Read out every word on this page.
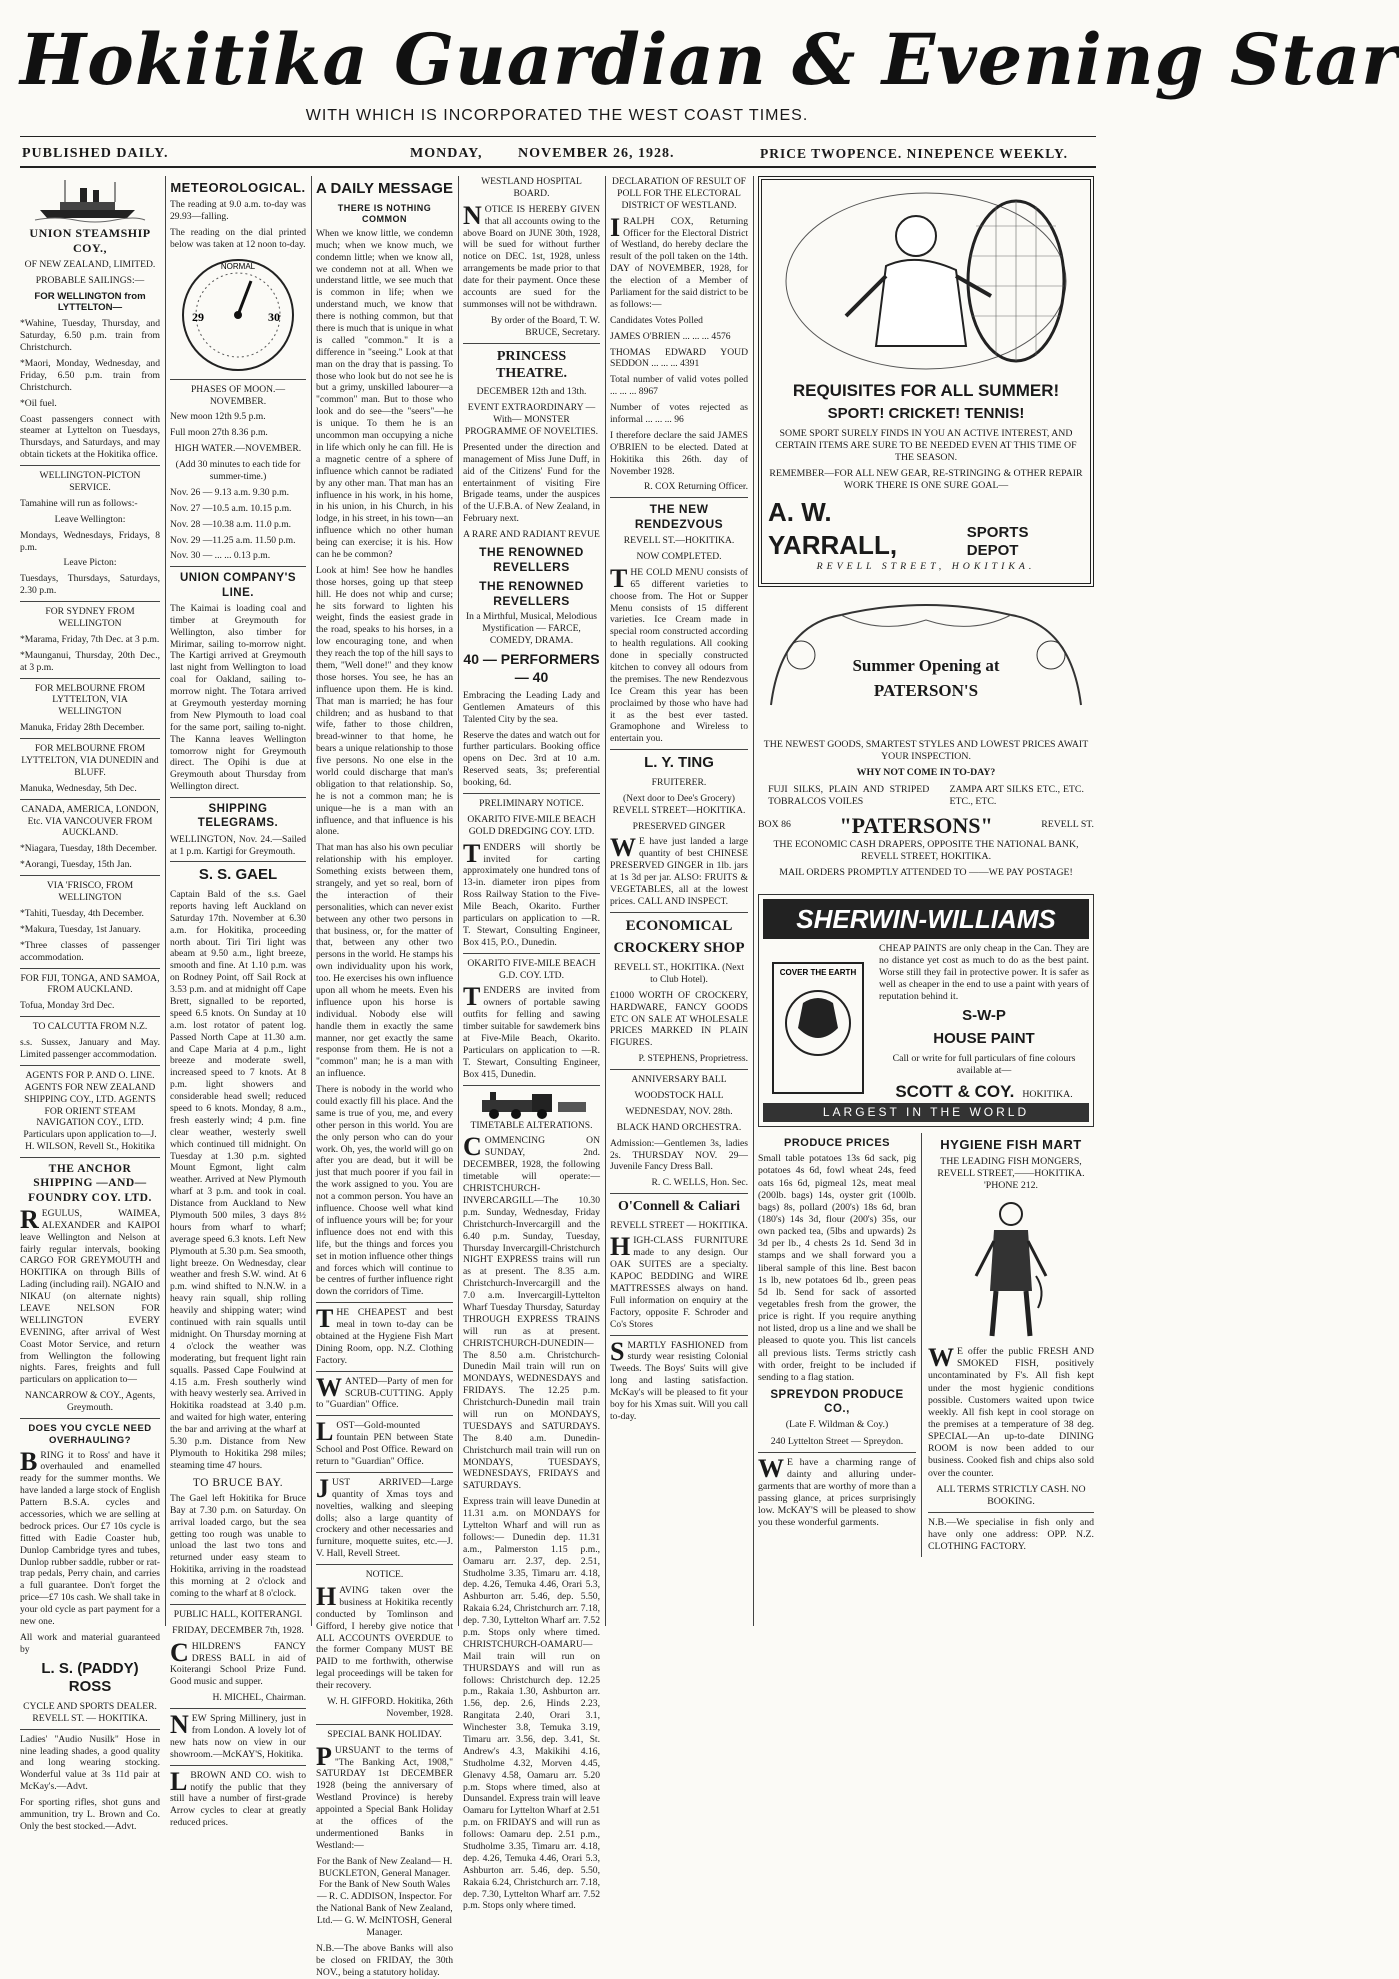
Hokitika Guardian & Evening Star
WITH WHICH IS INCORPORATED THE WEST COAST TIMES.
PUBLISHED DAILY.	MONDAY,	NOVEMBER 26, 1928.	PRICE TWOPENCE. NINEPENCE WEEKLY.
UNION STEAMSHIP COY.,

OF NEW ZEALAND, LIMITED.

PROBABLE SAILINGS:—

FOR WELLINGTON from LYTTELTON—

*Wahine, Tuesday, Thursday, and Saturday, 6.50 p.m. train from Christchurch.

*Maori, Monday, Wednesday, and Friday, 6.50 p.m. train from Christchurch.

*Oil fuel.

Coast passengers connect with steamer at Lyttelton on Tuesdays, Thursdays, and Saturdays, and may obtain tickets at the Hokitika office.

WELLINGTON-PICTON SERVICE.

Tamahine will run as follows:-

Leave Wellington:

Mondays, Wednesdays, Fridays, 8 p.m.

Leave Picton:

Tuesdays, Thursdays, Saturdays, 2.30 p.m.

FOR SYDNEY FROM WELLINGTON

*Marama, Friday, 7th Dec. at 3 p.m.

*Maunganui, Thursday, 20th Dec., at 3 p.m.

FOR MELBOURNE FROM LYTTELTON, VIA WELLINGTON

Manuka, Friday 28th December.

FOR MELBOURNE FROM LYTTELTON, VIA DUNEDIN and BLUFF.

Manuka, Wednesday, 5th Dec.

CANADA, AMERICA, LONDON, Etc. VIA VANCOUVER FROM AUCKLAND.

*Niagara, Tuesday, 18th December.

*Aorangi, Tuesday, 15th Jan.

VIA 'FRISCO, FROM WELLINGTON

*Tahiti, Tuesday, 4th December.

*Makura, Tuesday, 1st January.

*Three classes of passenger accommodation.

FOR FIJI, TONGA, AND SAMOA, FROM AUCKLAND.

Tofua, Monday 3rd Dec.

TO CALCUTTA FROM N.Z.

s.s. Sussex, January and May. Limited passenger accommodation.

AGENTS FOR P. AND O. LINE. AGENTS FOR NEW ZEALAND SHIPPING COY., LTD. AGENTS FOR ORIENT STEAM NAVIGATION COY., LTD. Particulars upon application to—J. H. WILSON, Revell St., Hokitika

THE ANCHOR SHIPPING —AND— FOUNDRY COY. LTD.

REGULUS, WAIMEA, ALEXANDER and KAIPOI leave Wellington and Nelson at fairly regular intervals, booking CARGO FOR GREYMOUTH and HOKITIKA on through Bills of Lading (including rail). NGAIO and NIKAU (on alternate nights) LEAVE NELSON FOR WELLINGTON EVERY EVENING, after arrival of West Coast Motor Service, and return from Wellington the following nights. Fares, freights and full particulars on application to—

NANCARROW & COY., Agents, Greymouth.

DOES YOU CYCLE NEED OVERHAULING?

BRING it to Ross' and have it overhauled and enamelled ready for the summer months. We have landed a large stock of English Pattern B.S.A. cycles and accessories, which we are selling at bedrock prices. Our £7 10s cycle is fitted with Eadie Coaster hub, Dunlop Cambridge tyres and tubes, Dunlop rubber saddle, rubber or rat-trap pedals, Perry chain, and carries a full guarantee. Don't forget the price—£7 10s cash. We shall take in your old cycle as part payment for a new one.

All work and material guaranteed by

L. S. (PADDY) ROSS

CYCLE AND SPORTS DEALER. REVELL ST. — HOKITIKA.

Ladies' "Audio Nusilk" Hose in nine leading shades, a good quality and long wearing stocking. Wonderful value at 3s 11d pair at McKay's.—Advt.

For sporting rifles, shot guns and ammunition, try L. Brown and Co. Only the best stocked.—Advt.

METEOROLOGICAL.

The reading at 9.0 a.m. to-day was 29.93—falling.

The reading on the dial printed below was taken at 12 noon to-day.

NORMAL
29	30

PHASES OF MOON.—NOVEMBER.

New moon 12th 9.5 p.m.

Full moon 27th 8.36 p.m.

HIGH WATER.—NOVEMBER.

(Add 30 minutes to each tide for summer-time.)

Nov. 26 — 9.13 a.m. 9.30 p.m.

Nov. 27 —10.5 a.m. 10.15 p.m.

Nov. 28 —10.38 a.m. 11.0 p.m.

Nov. 29 —11.25 a.m. 11.50 p.m.

Nov. 30 — ... ... 0.13 p.m.

UNION COMPANY'S LINE.

The Kaimai is loading coal and timber at Greymouth for Wellington, also timber for Mirimar, sailing to-morrow night. The Kartigi arrived at Greymouth last night from Wellington to load coal for Oakland, sailing to-morrow night. The Totara arrived at Greymouth yesterday morning from New Plymouth to load coal for the same port, sailing to-night. The Kanna leaves Wellington tomorrow night for Greymouth direct. The Opihi is due at Greymouth about Thursday from Wellington direct.

SHIPPING TELEGRAMS.

WELLINGTON, Nov. 24.—Sailed at 1 p.m. Kartigi for Greymouth.

S. S. GAEL

Captain Bald of the s.s. Gael reports having left Auckland on Saturday 17th. November at 6.30 a.m. for Hokitika, proceeding north about. Tiri Tiri light was abeam at 9.50 a.m., light breeze, smooth and fine. At 1.10 p.m. was on Rodney Point, off Sail Rock at 3.53 p.m. and at midnight off Cape Brett, signalled to be reported, speed 6.5 knots. On Sunday at 10 a.m. lost rotator of patent log. Passed North Cape at 11.30 a.m. and Cape Maria at 4 p.m., light breeze and moderate swell, increased speed to 7 knots. At 8 p.m. light showers and considerable head swell; reduced speed to 6 knots. Monday, 8 a.m., fresh easterly wind; 4 p.m. fine clear weather, westerly swell which continued till midnight. On Tuesday at 1.30 p.m. sighted Mount Egmont, light calm weather. Arrived at New Plymouth wharf at 3 p.m. and took in coal. Distance from Auckland to New Plymouth 500 miles, 3 days 8½ hours from wharf to wharf; average speed 6.3 knots. Left New Plymouth at 5.30 p.m. Sea smooth, light breeze. On Wednesday, clear weather and fresh S.W. wind. At 6 p.m. wind shifted to N.N.W. in a heavy rain squall, ship rolling heavily and shipping water; wind continued with rain squalls until midnight. On Thursday morning at 4 o'clock the weather was moderating, but frequent light rain squalls. Passed Cape Foulwind at 4.15 a.m. Fresh southerly wind with heavy westerly sea. Arrived in Hokitika roadstead at 3.40 p.m. and waited for high water, entering the bar and arriving at the wharf at 5.30 p.m. Distance from New Plymouth to Hokitika 298 miles; steaming time 47 hours.

TO BRUCE BAY.

The Gael left Hokitika for Bruce Bay at 7.30 p.m. on Saturday. On arrival loaded cargo, but the sea getting too rough was unable to unload the last two tons and returned under easy steam to Hokitika, arriving in the roadstead this morning at 2 o'clock and coming to the wharf at 8 o'clock.

PUBLIC HALL, KOITERANGI.

FRIDAY, DECEMBER 7th, 1928.

CHILDREN'S FANCY DRESS BALL in aid of Koiterangi School Prize Fund. Good music and supper.

H. MICHEL, Chairman.

NEW Spring Millinery, just in from London. A lovely lot of new hats now on view in our showroom.—McKAY'S, Hokitika.

LBROWN AND CO. wish to notify the public that they still have a number of first-grade Arrow cycles to clear at greatly reduced prices.

A DAILY MESSAGE
THERE IS NOTHING COMMON

When we know little, we condemn much; when we know much, we condemn little; when we know all, we condemn not at all. When we understand little, we see much that is common in life; when we understand much, we know that there is nothing common, but that there is much that is unique in what is called "common." It is a difference in "seeing." Look at that man on the dray that is passing. To those who look but do not see he is but a grimy, unskilled labourer—a "common" man. But to those who look and do see—the "seers"—he is unique. To them he is an uncommon man occupying a niche in life which only he can fill. He is a magnetic centre of a sphere of influence which cannot be radiated by any other man. That man has an influence in his work, in his home, in his union, in his Church, in his lodge, in his street, in his town—an influence which no other human being can exercise; it is his. How can he be common?

Look at him! See how he handles those horses, going up that steep hill. He does not whip and curse; he sits forward to lighten his weight, finds the easiest grade in the road, speaks to his horses, in a low encouraging tone, and when they reach the top of the hill says to them, "Well done!" and they know those horses. You see, he has an influence upon them. He is kind. That man is married; he has four children; and as husband to that wife, father to those children, bread-winner to that home, he bears a unique relationship to those five persons. No one else in the world could discharge that man's obligation to that relationship. So, he is not a common man; he is unique—he is a man with an influence, and that influence is his alone.

That man has also his own peculiar relationship with his employer. Something exists between them, strangely, and yet so real, born of the interaction of their personalities, which can never exist between any other two persons in that business, or, for the matter of that, between any other two persons in the world. He stamps his own individuality upon his work, too. He exercises his own influence upon all whom he meets. Even his influence upon his horse is individual. Nobody else will handle them in exactly the same manner, nor get exactly the same response from them. He is not a "common" man; he is a man with an influence.

There is nobody in the world who could exactly fill his place. And the same is true of you, me, and every other person in this world. You are the only person who can do your work. Oh, yes, the world will go on after you are dead, but it will be just that much poorer if you fail in the work assigned to you. You are not a common person. You have an influence. Choose well what kind of influence yours will be; for your influence does not end with this life, but the things and forces you set in motion influence other things and forces which will continue to be centres of further influence right down the corridors of Time.

THE CHEAPEST and best meal in town to-day can be obtained at the Hygiene Fish Mart Dining Room, opp. N.Z. Clothing Factory.

WANTED—Party of men for SCRUB-CUTTING. Apply to "Guardian" Office.

LOST—Gold-mounted fountain PEN between State School and Post Office. Reward on return to "Guardian" Office.

JUST ARRIVED—Large quantity of Xmas toys and novelties, walking and sleeping dolls; also a large quantity of crockery and other necessaries and furniture, moquette suites, etc.—J. V. Hall, Revell Street.

NOTICE.

HAVING taken over the business at Hokitika recently conducted by Tomlinson and Gifford, I hereby give notice that ALL ACCOUNTS OVERDUE to the former Company MUST BE PAID to me forthwith, otherwise legal proceedings will be taken for their recovery.

W. H. GIFFORD. Hokitika, 26th November, 1928.

SPECIAL BANK HOLIDAY.

PURSUANT to the terms of "The Banking Act, 1908," SATURDAY 1st DECEMBER 1928 (being the anniversary of Westland Province) is hereby appointed a Special Bank Holiday at the offices of the undermentioned Banks in Westland:—

For the Bank of New Zealand— H. BUCKLETON, General Manager. For the Bank of New South Wales— R. C. ADDISON, Inspector. For the National Bank of New Zealand, Ltd.— G. W. McINTOSH, General Manager.

N.B.—The above Banks will also be closed on FRIDAY, the 30th NOV., being a statutory holiday.

WESTLAND HOSPITAL BOARD.

NOTICE IS HEREBY GIVEN that all accounts owing to the above Board on JUNE 30th, 1928, will be sued for without further notice on DEC. 1st, 1928, unless arrangements be made prior to that date for their payment. Once these accounts are sued for the summonses will not be withdrawn.

By order of the Board, T. W. BRUCE, Secretary.

PRINCESS THEATRE.

DECEMBER 12th and 13th.

EVENT EXTRAORDINARY —With— MONSTER PROGRAMME OF NOVELTIES.

Presented under the direction and management of Miss June Duff, in aid of the Citizens' Fund for the entertainment of visiting Fire Brigade teams, under the auspices of the U.F.B.A. of New Zealand, in February next.

A RARE AND RADIANT REVUE

THE RENOWNED REVELLERS
THE RENOWNED REVELLERS

In a Mirthful, Musical, Melodious Mystification — FARCE, COMEDY, DRAMA.

40 — PERFORMERS — 40

Embracing the Leading Lady and Gentlemen Amateurs of this Talented City by the sea.

Reserve the dates and watch out for further particulars. Booking office opens on Dec. 3rd at 10 a.m. Reserved seats, 3s; preferential booking, 6d.

PRELIMINARY NOTICE.

OKARITO FIVE-MILE BEACH GOLD DREDGING COY. LTD.

TENDERS will shortly be invited for carting approximately one hundred tons of 13-in. diameter iron pipes from Ross Railway Station to the Five-Mile Beach, Okarito. Further particulars on application to —R. T. Stewart, Consulting Engineer, Box 415, P.O., Dunedin.

OKARITO FIVE-MILE BEACH G.D. COY. LTD.

TENDERS are invited from owners of portable sawing outfits for felling and sawing timber suitable for sawdemerk bins at Five-Mile Beach, Okarito. Particulars on application to —R. T. Stewart, Consulting Engineer, Box 415, Dunedin.

TIMETABLE ALTERATIONS.

COMMENCING ON SUNDAY, 2nd. DECEMBER, 1928, the following timetable will operate:— CHRISTCHURCH-INVERCARGILL—The 10.30 p.m. Sunday, Wednesday, Friday Christchurch-Invercargill and the 6.40 p.m. Sunday, Tuesday, Thursday Invercargill-Christchurch NIGHT EXPRESS trains will run as at present. The 8.35 a.m. Christchurch-Invercargill and the 7.0 a.m. Invercargill-Lyttelton Wharf Tuesday Thursday, Saturday THROUGH EXPRESS TRAINS will run as at present. CHRISTCHURCH-DUNEDIN—The 8.50 a.m. Christchurch-Dunedin Mail train will run on MONDAYS, WEDNESDAYS and FRIDAYS. The 12.25 p.m. Christchurch-Dunedin mail train will run on MONDAYS, TUESDAYS and SATURDAYS. The 8.40 a.m. Dunedin-Christchurch mail train will run on MONDAYS, TUESDAYS, WEDNESDAYS, FRIDAYS and SATURDAYS.

Express train will leave Dunedin at 11.31 a.m. on MONDAYS for Lyttelton Wharf and will run as follows:— Dunedin dep. 11.31 a.m., Palmerston 1.15 p.m., Oamaru arr. 2.37, dep. 2.51, Studholme 3.35, Timaru arr. 4.18, dep. 4.26, Temuka 4.46, Orari 5.3, Ashburton arr. 5.46, dep. 5.50, Rakaia 6.24, Christchurch arr. 7.18, dep. 7.30, Lyttelton Wharf arr. 7.52 p.m. Stops only where timed. CHRISTCHURCH-OAMARU—Mail train will run on THURSDAYS and will run as follows: Christchurch dep. 12.25 p.m., Rakaia 1.30, Ashburton arr. 1.56, dep. 2.6, Hinds 2.23, Rangitata 2.40, Orari 3.1, Winchester 3.8, Temuka 3.19, Timaru arr. 3.56, dep. 3.41, St. Andrew's 4.3, Makikihi 4.16, Studholme 4.32, Morven 4.45, Glenavy 4.58, Oamaru arr. 5.20 p.m. Stops where timed, also at Dunsandel. Express train will leave Oamaru for Lyttelton Wharf at 2.51 p.m. on FRIDAYS and will run as follows: Oamaru dep. 2.51 p.m., Studholme 3.35, Timaru arr. 4.18, dep. 4.26, Temuka 4.46, Orari 5.3, Ashburton arr. 5.46, dep. 5.50, Rakaia 6.24, Christchurch arr. 7.18, dep. 7.30, Lyttelton Wharf arr. 7.52 p.m. Stops only where timed.

DECLARATION OF RESULT OF POLL FOR THE ELECTORAL DISTRICT OF WESTLAND.

IRALPH COX, Returning Officer for the Electoral District of Westland, do hereby declare the result of the poll taken on the 14th. DAY of NOVEMBER, 1928, for the election of a Member of Parliament for the said district to be as follows:—

Candidates Votes Polled

JAMES O'BRIEN ... ... ... 4576

THOMAS EDWARD YOUD SEDDON ... ... ... 4391

Total number of valid votes polled ... ... ... 8967

Number of votes rejected as informal ... ... ... 96

I therefore declare the said JAMES O'BRIEN to be elected. Dated at Hokitika this 26th. day of November 1928.

R. COX Returning Officer.

THE NEW RENDEZVOUS

REVELL ST.—HOKITIKA.

NOW COMPLETED.

THE COLD MENU consists of 65 different varieties to choose from. The Hot or Supper Menu consists of 15 different varieties. Ice Cream made in special room constructed according to health regulations. All cooking done in specially constructed kitchen to convey all odours from the premises. The new Rendezvous Ice Cream this year has been proclaimed by those who have had it as the best ever tasted. Gramophone and Wireless to entertain you.

L. Y. TING

FRUITERER.

(Next door to Dee's Grocery) REVELL STREET—HOKITIKA.

PRESERVED GINGER

W E have just landed a large quantity of best CHINESE PRESERVED GINGER in 1lb. jars at 1s 3d per jar. ALSO: FRUITS & VEGETABLES, all at the lowest prices. CALL AND INSPECT.

ECONOMICAL
CROCKERY SHOP

REVELL ST., HOKITIKA. (Next to Club Hotel).

£1000 WORTH OF CROCKERY, HARDWARE, FANCY GOODS ETC ON SALE AT WHOLESALE PRICES MARKED IN PLAIN FIGURES.

P. STEPHENS, Proprietress.

ANNIVERSARY BALL

WOODSTOCK HALL

WEDNESDAY, NOV. 28th.

BLACK HAND ORCHESTRA.

Admission:—Gentlemen 3s, ladies 2s. THURSDAY NOV. 29—Juvenile Fancy Dress Ball.

R. C. WELLS, Hon. Sec.

O'Connell & Caliari

REVELL STREET — HOKITIKA.

HIGH-CLASS FURNITURE made to any design. Our OAK SUITES are a specialty. KAPOC BEDDING and WIRE MATTRESSES always on hand. Full information on enquiry at the Factory, opposite F. Schroder and Co's Stores

SMARTLY FASHIONED from sturdy wear resisting Colonial Tweeds. The Boys' Suits will give long and lasting satisfaction. McKay's will be pleased to fit your boy for his Xmas suit. Will you call to-day.

REQUISITES FOR ALL SUMMER!
SPORT! CRICKET! TENNIS!

SOME SPORT SURELY FINDS IN YOU AN ACTIVE INTEREST, AND CERTAIN ITEMS ARE SURE TO BE NEEDED EVEN AT THIS TIME OF THE SEASON.

REMEMBER—FOR ALL NEW GEAR, RE-STRINGING & OTHER REPAIR WORK THERE IS ONE SURE GOAL—

A. W. YARRALL,	SPORTS DEPOT

REVELL STREET, HOKITIKA.

Summer Opening at
PATERSON'S

THE NEWEST GOODS, SMARTEST STYLES AND LOWEST PRICES AWAIT YOUR INSPECTION.

WHY NOT COME IN TO-DAY?

FUJI SILKS, PLAIN AND STRIPED TOBRALCOS VOILES

ZAMPA ART SILKS ETC., ETC. ETC., ETC.

BOX 86 "PATERSONS"	REVELL ST.

THE ECONOMIC CASH DRAPERS, OPPOSITE THE NATIONAL BANK, REVELL STREET, HOKITIKA.

MAIL ORDERS PROMPTLY ATTENDED TO ——WE PAY POSTAGE!

SHERWIN-WILLIAMS
COVER THE EARTH

CHEAP PAINTS are only cheap in the Can. They are no distance yet cost as much to do as the best paint. Worse still they fail in protective power. It is safer as well as cheaper in the end to use a paint with years of reputation behind it.

S-W-P
HOUSE PAINT

Call or write for full particulars of fine colours available at—

SCOTT & COY. HOKITIKA.
LARGEST IN THE WORLD
PRODUCE PRICES

Small table potatoes 13s 6d sack, pig potatoes 4s 6d, fowl wheat 24s, feed oats 16s 6d, pigmeal 12s, meat meal (200lb. bags) 14s, oyster grit (100lb. bags) 8s, pollard (200's) 18s 6d, bran (180's) 14s 3d, flour (200's) 35s, our own packed tea, (5lbs and upwards) 2s 3d per lb., 4 chests 2s 1d. Send 3d in stamps and we shall forward you a liberal sample of this line. Best bacon 1s lb, new potatoes 6d lb., green peas 5d lb. Send for sack of assorted vegetables fresh from the grower, the price is right. If you require anything not listed, drop us a line and we shall be pleased to quote you. This list cancels all previous lists. Terms strictly cash with order, freight to be included if sending to a flag station.

SPREYDON PRODUCE CO.,

(Late F. Wildman & Coy.)

240 Lyttelton Street — Spreydon.

W E have a charming range of dainty and alluring under-garments that are worthy of more than a passing glance, at prices surprisingly low. McKAY'S will be pleased to show you these wonderful garments.

HYGIENE FISH MART

THE LEADING FISH MONGERS, REVELL STREET,——HOKITIKA. 'PHONE 212.

W E offer the public FRESH AND SMOKED FISH, positively uncontaminated by F's. All fish kept under the most hygienic conditions possible. Customers waited upon twice weekly. All fish kept in cool storage on the premises at a temperature of 38 deg. SPECIAL—An up-to-date DINING ROOM is now been added to our business. Cooked fish and chips also sold over the counter.

ALL TERMS STRICTLY CASH. NO BOOKING.

N.B.—We specialise in fish only and have only one address: OPP. N.Z. CLOTHING FACTORY.
